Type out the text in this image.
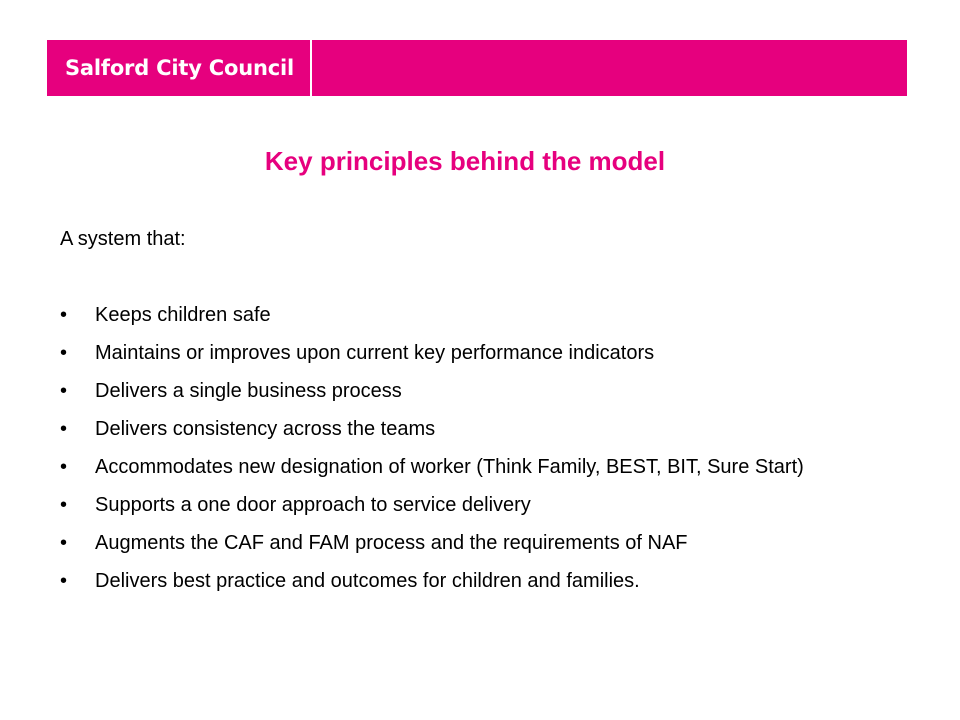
Salford City Council
Key principles behind the model

A system that:

•	Keeps children safe
•	Maintains or improves upon current key performance indicators
•	Delivers a single business process
•	Delivers consistency across the teams
•	Accommodates new designation of worker (Think Family, BEST, BIT, Sure Start)
•	Supports a one door approach to service delivery
•	Augments the CAF and FAM process and the requirements of NAF
•	Delivers best practice and outcomes for children and families.
